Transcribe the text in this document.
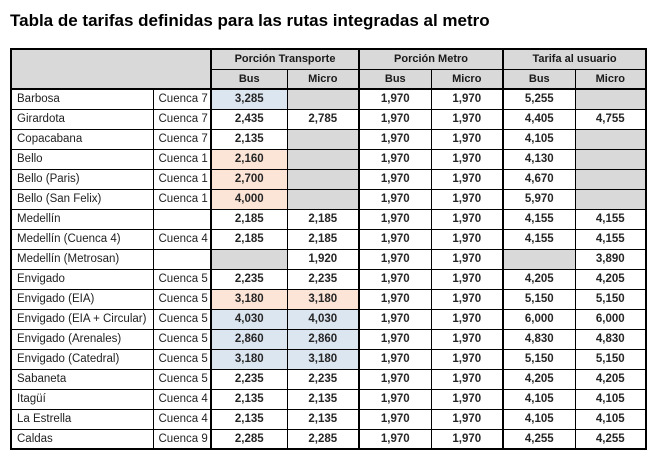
Tabla de tarifas definidas para las rutas integradas al metro
		Porción Transporte		Porción Metro		Tarifa al usuario	
		Bus	Micro	Bus	Micro	Bus	Micro
Barbosa	Cuenca 7	3,285		1,970	1,970	5,255	
Girardota	Cuenca 7	2,435	2,785	1,970	1,970	4,405	4,755
Copacabana	Cuenca 7	2,135		1,970	1,970	4,105	
Bello	Cuenca 1	2,160		1,970	1,970	4,130	
Bello (Paris)	Cuenca 1	2,700		1,970	1,970	4,670	
Bello (San Felix)	Cuenca 1	4,000		1,970	1,970	5,970	
Medellín		2,185	2,185	1,970	1,970	4,155	4,155
Medellín (Cuenca 4)	Cuenca 4	2,185	2,185	1,970	1,970	4,155	4,155
Medellín (Metrosan)			1,920	1,970	1,970		3,890
Envigado	Cuenca 5	2,235	2,235	1,970	1,970	4,205	4,205
Envigado (EIA)	Cuenca 5	3,180	3,180	1,970	1,970	5,150	5,150
Envigado (EIA + Circular)	Cuenca 5	4,030	4,030	1,970	1,970	6,000	6,000
Envigado (Arenales)	Cuenca 5	2,860	2,860	1,970	1,970	4,830	4,830
Envigado (Catedral)	Cuenca 5	3,180	3,180	1,970	1,970	5,150	5,150
Sabaneta	Cuenca 5	2,235	2,235	1,970	1,970	4,205	4,205
Itagüí	Cuenca 4	2,135	2,135	1,970	1,970	4,105	4,105
La Estrella	Cuenca 4	2,135	2,135	1,970	1,970	4,105	4,105
Caldas	Cuenca 9	2,285	2,285	1,970	1,970	4,255	4,255
